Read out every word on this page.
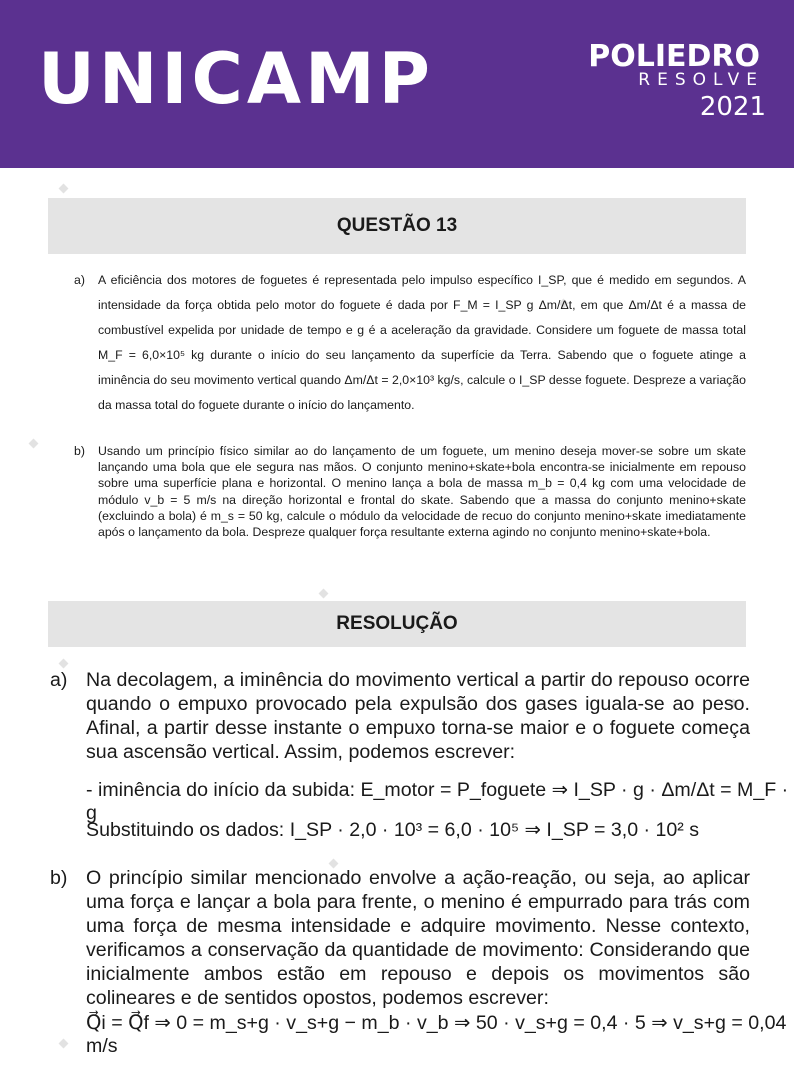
UNICAMP	POLIEDRO
RESOLVE
2021
QUESTÃO 13
a) A eficiência dos motores de foguetes é representada pelo impulso específico I_SP, que é medido em segundos. A intensidade da força obtida pelo motor do foguete é dada por F_M = I_SP g Δm/Δt, em que Δm/Δt é a massa de combustível expelida por unidade de tempo e g é a aceleração da gravidade. Considere um foguete de massa total M_F = 6,0×10⁵ kg durante o início do seu lançamento da superfície da Terra. Sabendo que o foguete atinge a iminência do seu movimento vertical quando Δm/Δt = 2,0×10³ kg/s, calcule o I_SP desse foguete. Despreze a variação da massa total do foguete durante o início do lançamento.
b) Usando um princípio físico similar ao do lançamento de um foguete, um menino deseja mover-se sobre um skate lançando uma bola que ele segura nas mãos. O conjunto menino+skate+bola encontra-se inicialmente em repouso sobre uma superfície plana e horizontal. O menino lança a bola de massa m_b = 0,4 kg com uma velocidade de módulo v_b = 5 m/s na direção horizontal e frontal do skate. Sabendo que a massa do conjunto menino+skate (excluindo a bola) é m_s = 50 kg, calcule o módulo da velocidade de recuo do conjunto menino+skate imediatamente após o lançamento da bola. Despreze qualquer força resultante externa agindo no conjunto menino+skate+bola.
RESOLUÇÃO
a) Na decolagem, a iminência do movimento vertical a partir do repouso ocorre quando o empuxo provocado pela expulsão dos gases iguala-se ao peso. Afinal, a partir desse instante o empuxo torna-se maior e o foguete começa sua ascensão vertical. Assim, podemos escrever:
- iminência do início da subida: E_motor = P_foguete ⇒ I_SP · g · Δm/Δt = M_F · g
Substituindo os dados: I_SP · 2,0 · 10³ = 6,0 · 10⁵ ⇒ I_SP = 3,0 · 10² s
b) O princípio similar mencionado envolve a ação-reação, ou seja, ao aplicar uma força e lançar a bola para frente, o menino é empurrado para trás com uma força de mesma intensidade e adquire movimento. Nesse contexto, verificamos a conservação da quantidade de movimento: Considerando que inicialmente ambos estão em repouso e depois os movimentos são colineares e de sentidos opostos, podemos escrever:
Q⃗i = Q⃗f ⇒ 0 = m_s+g · v_s+g − m_b · v_b ⇒ 50 · v_s+g = 0,4 · 5 ⇒ v_s+g = 0,04 m/s
